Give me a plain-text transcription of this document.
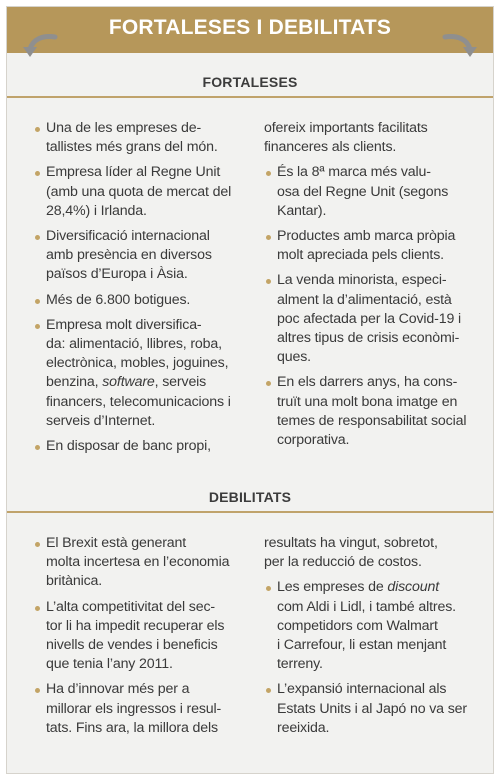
FORTALESES I DEBILITATS
FORTALESES
Una de les empreses de-
tallistes més grans del món.
Empresa líder al Regne Unit
(amb una quota de mercat del
28,4%) i Irlanda.
Diversificació internacional
amb presència en diversos
països d’Europa i Àsia.
Més de 6.800 botigues.
Empresa molt diversifica-
da: alimentació, llibres, roba,
electrònica, mobles, joguines,
benzina, software, serveis
financers, telecomunicacions i
serveis d’Internet.
En disposar de banc propi,
ofereix importants facilitats
financeres als clients.
És la 8ª marca més valu-
osa del Regne Unit (segons
Kantar).
Productes amb marca pròpia
molt apreciada pels clients.
La venda minorista, especi-
alment la d’alimentació, està
poc afectada per la Covid-19 i
altres tipus de crisis econòmi-
ques.
En els darrers anys, ha cons-
truït una molt bona imatge en
temes de responsabilitat social
corporativa.
DEBILITATS
El Brexit està generant
molta incertesa en l’economia
britànica.
L’alta competitivitat del sec-
tor li ha impedit recuperar els
nivells de vendes i beneficis
que tenia l’any 2011.
Ha d’innovar més per a
millorar els ingressos i resul-
tats. Fins ara, la millora dels
resultats ha vingut, sobretot,
per la reducció de costos.
Les empreses de discount
com Aldi i Lidl, i també altres.
competidors com Walmart
i Carrefour, li estan menjant
terreny.
L’expansió internacional als
Estats Units i al Japó no va ser
reeixida.
